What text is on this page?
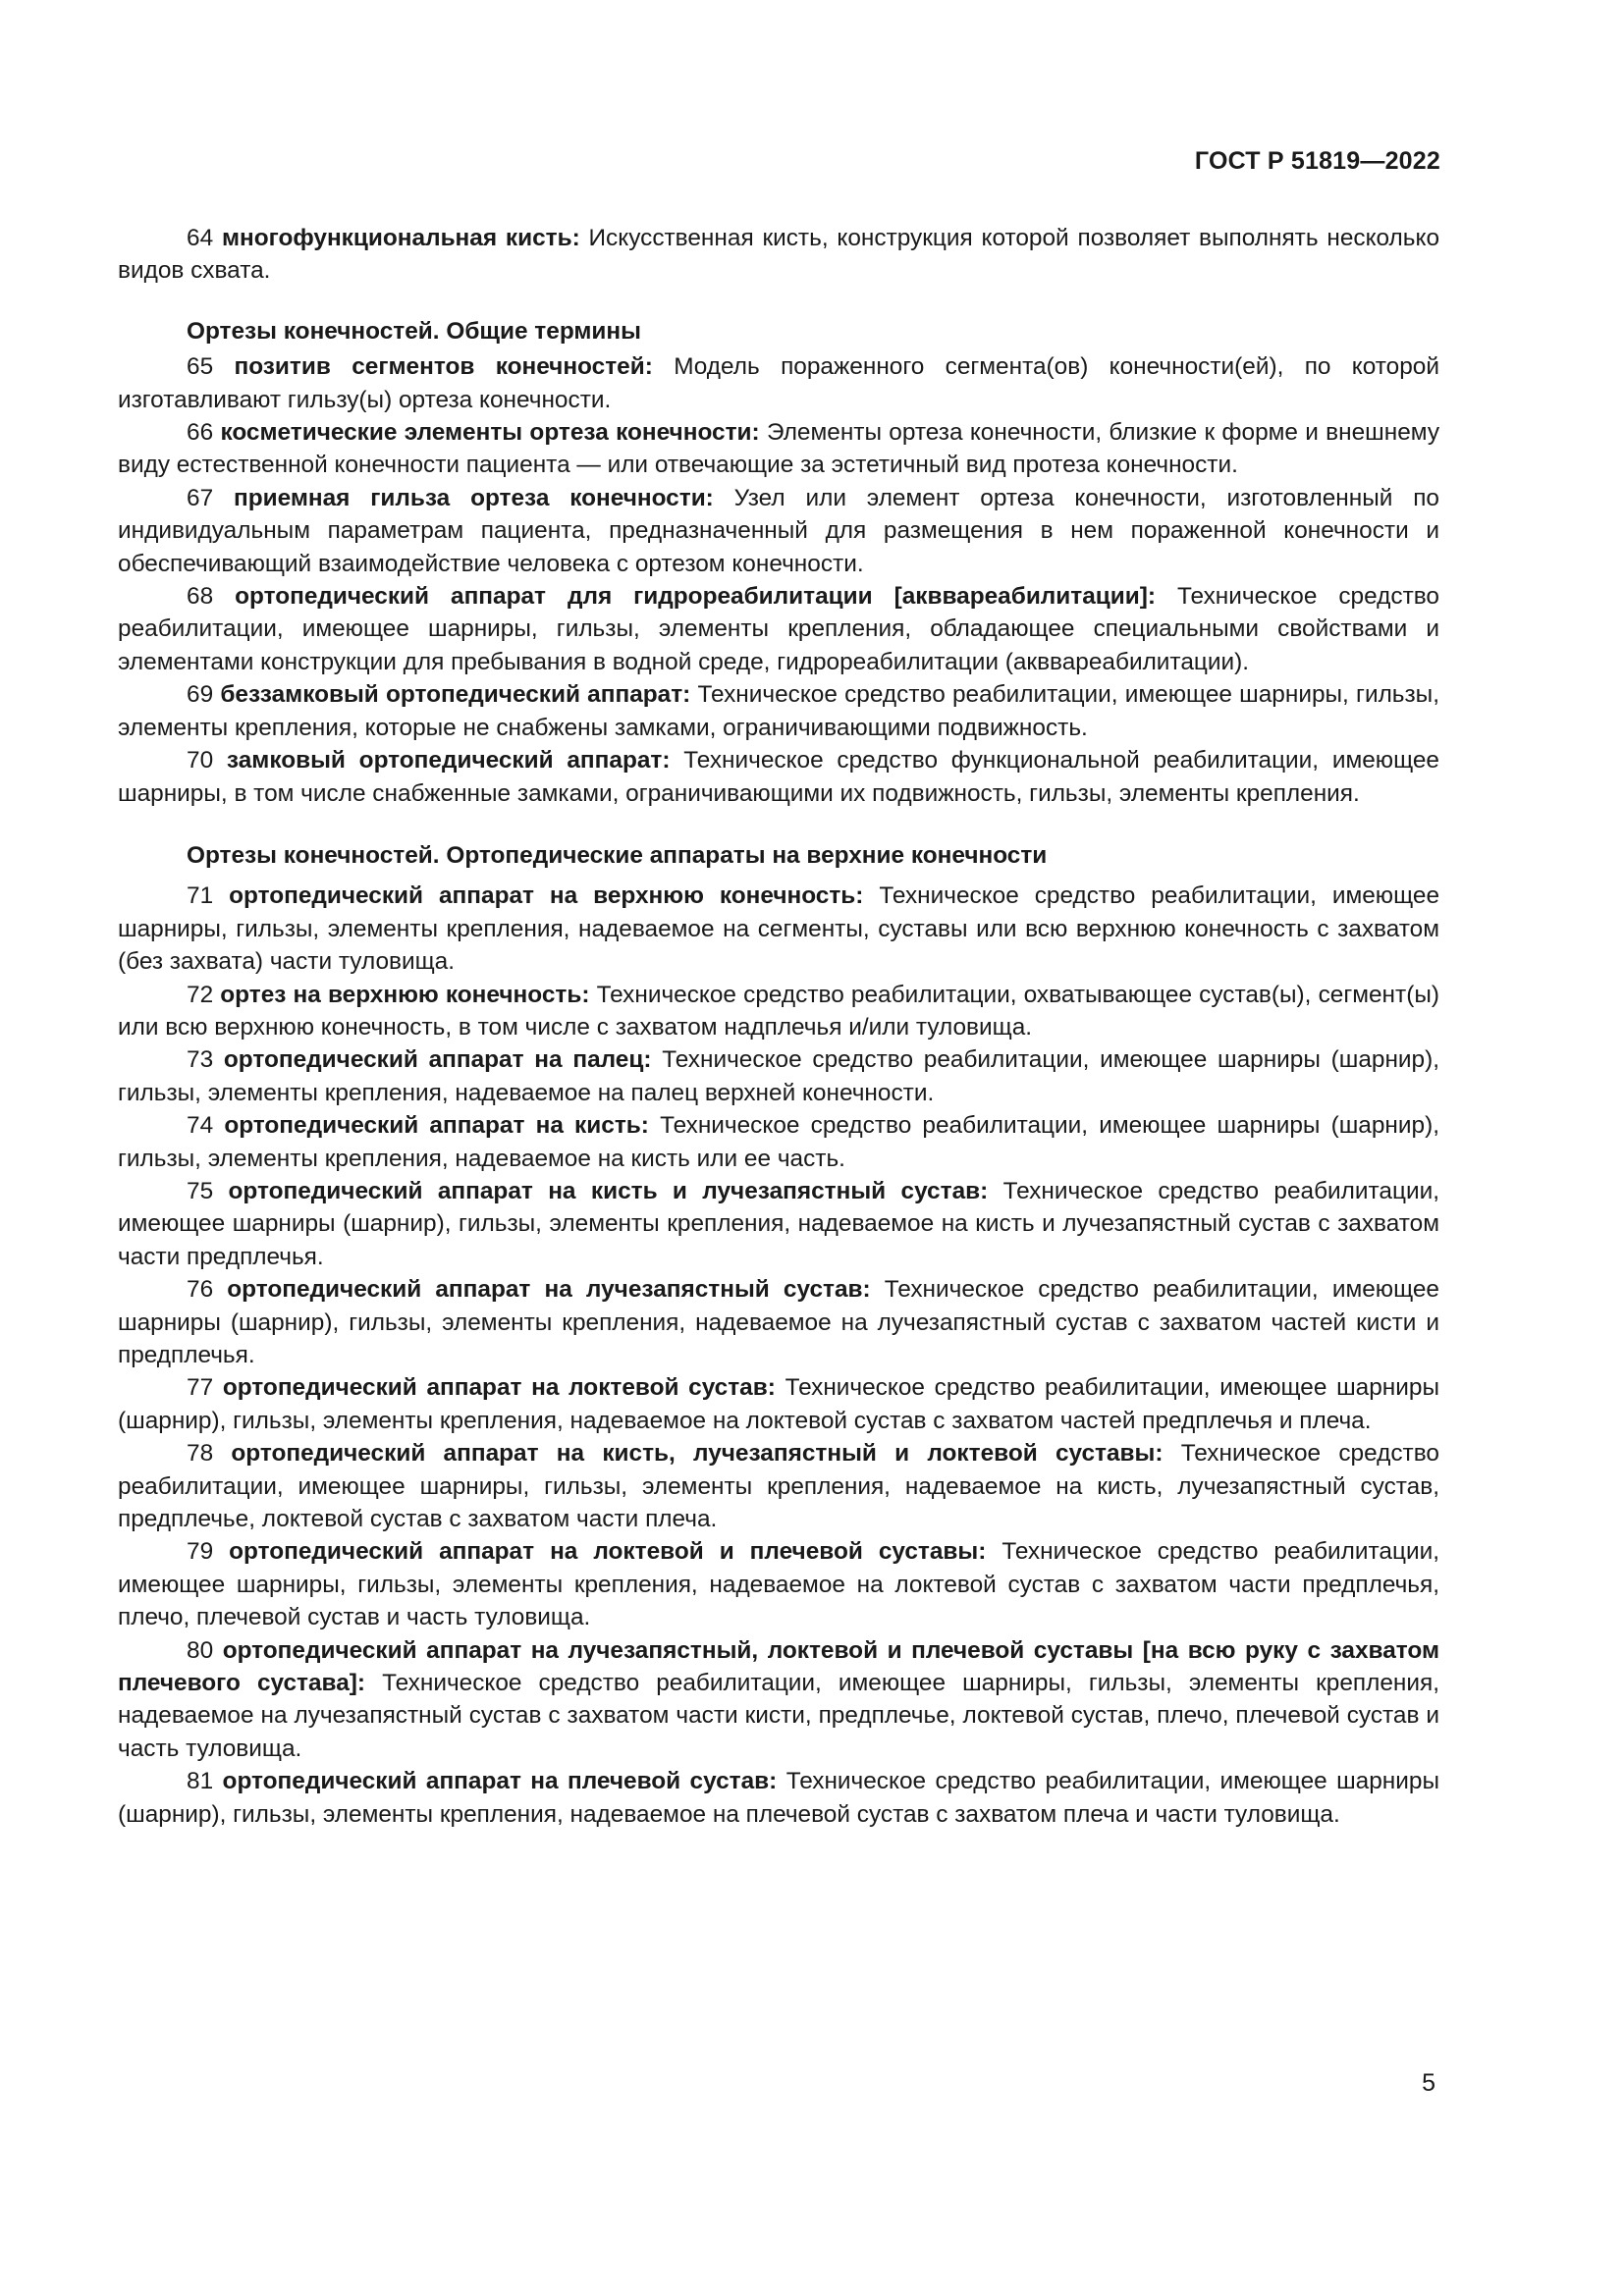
ГОСТ Р 51819—2022

64 многофункциональная кисть: Искусственная кисть, конструкция которой позволяет выполнять несколько видов схвата.

Ортезы конечностей. Общие термины

65 позитив сегментов конечностей: Модель пораженного сегмента(ов) конечности(ей), по которой изготавливают гильзу(ы) ортеза конечности.

66 косметические элементы ортеза конечности: Элементы ортеза конечности, близкие к форме и внешнему виду естественной конечности пациента — или отвечающие за эстетичный вид протеза конечности.

67 приемная гильза ортеза конечности: Узел или элемент ортеза конечности, изготовленный по индивидуальным параметрам пациента, предназначенный для размещения в нем пораженной конечности и обеспечивающий взаимодействие человека с ортезом конечности.

68 ортопедический аппарат для гидрореабилитации [акввареабилитации]: Техническое средство реабилитации, имеющее шарниры, гильзы, элементы крепления, обладающее специальными свойствами и элементами конструкции для пребывания в водной среде, гидрореабилитации (акввареабилитации).

69 беззамковый ортопедический аппарат: Техническое средство реабилитации, имеющее шарниры, гильзы, элементы крепления, которые не снабжены замками, ограничивающими подвижность.

70 замковый ортопедический аппарат: Техническое средство функциональной реабилитации, имеющее шарниры, в том числе снабженные замками, ограничивающими их подвижность, гильзы, элементы крепления.

Ортезы конечностей. Ортопедические аппараты на верхние конечности

71 ортопедический аппарат на верхнюю конечность: Техническое средство реабилитации, имеющее шарниры, гильзы, элементы крепления, надеваемое на сегменты, суставы или всю верхнюю конечность с захватом (без захвата) части туловища.

72 ортез на верхнюю конечность: Техническое средство реабилитации, охватывающее сустав(ы), сегмент(ы) или всю верхнюю конечность, в том числе с захватом надплечья и/или туловища.

73 ортопедический аппарат на палец: Техническое средство реабилитации, имеющее шарниры (шарнир), гильзы, элементы крепления, надеваемое на палец верхней конечности.

74 ортопедический аппарат на кисть: Техническое средство реабилитации, имеющее шарниры (шарнир), гильзы, элементы крепления, надеваемое на кисть или ее часть.

75 ортопедический аппарат на кисть и лучезапястный сустав: Техническое средство реабилитации, имеющее шарниры (шарнир), гильзы, элементы крепления, надеваемое на кисть и лучезапястный сустав с захватом части предплечья.

76 ортопедический аппарат на лучезапястный сустав: Техническое средство реабилитации, имеющее шарниры (шарнир), гильзы, элементы крепления, надеваемое на лучезапястный сустав с захватом частей кисти и предплечья.

77 ортопедический аппарат на локтевой сустав: Техническое средство реабилитации, имеющее шарниры (шарнир), гильзы, элементы крепления, надеваемое на локтевой сустав с захватом частей предплечья и плеча.

78 ортопедический аппарат на кисть, лучезапястный и локтевой суставы: Техническое средство реабилитации, имеющее шарниры, гильзы, элементы крепления, надеваемое на кисть, лучезапястный сустав, предплечье, локтевой сустав с захватом части плеча.

79 ортопедический аппарат на локтевой и плечевой суставы: Техническое средство реабилитации, имеющее шарниры, гильзы, элементы крепления, надеваемое на локтевой сустав с захватом части предплечья, плечо, плечевой сустав и часть туловища.

80 ортопедический аппарат на лучезапястный, локтевой и плечевой суставы [на всю руку с захватом плечевого сустава]: Техническое средство реабилитации, имеющее шарниры, гильзы, элементы крепления, надеваемое на лучезапястный сустав с захватом части кисти, предплечье, локтевой сустав, плечо, плечевой сустав и часть туловища.

81 ортопедический аппарат на плечевой сустав: Техническое средство реабилитации, имеющее шарниры (шарнир), гильзы, элементы крепления, надеваемое на плечевой сустав с захватом плеча и части туловища.

5
